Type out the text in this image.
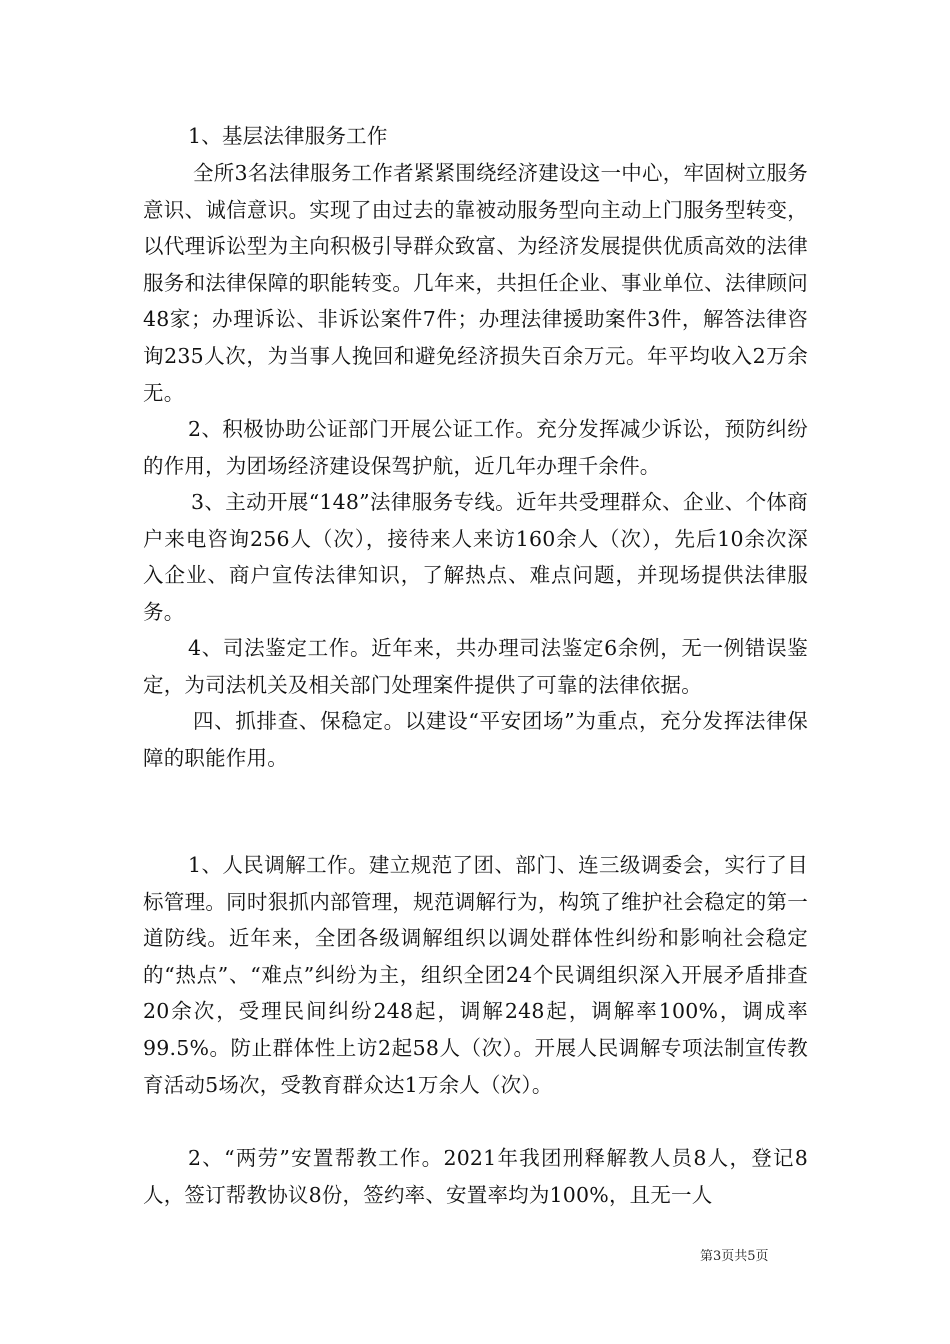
1、基层法律服务工作

全所3名法律服务工作者紧紧围绕经济建设这一中心，牢固树立服务意识、诚信意识。实现了由过去的靠被动服务型向主动上门服务型转变，以代理诉讼型为主向积极引导群众致富、为经济发展提供优质高效的法律服务和法律保障的职能转变。几年来，共担任企业、事业单位、法律顾问48家；办理诉讼、非诉讼案件7件；办理法律援助案件3件，解答法律咨询235人次，为当事人挽回和避免经济损失百余万元。年平均收入2万余无。

2、积极协助公证部门开展公证工作。充分发挥减少诉讼，预防纠纷的作用，为团场经济建设保驾护航，近几年办理千余件。

3、主动开展“148”法律服务专线。近年共受理群众、企业、个体商户来电咨询256人（次），接待来人来访160余人（次），先后10余次深入企业、商户宣传法律知识，了解热点、难点问题，并现场提供法律服务。

4、司法鉴定工作。近年来，共办理司法鉴定6余例，无一例错误鉴定，为司法机关及相关部门处理案件提供了可靠的法律依据。

四、抓排查、保稳定。以建设“平安团场”为重点，充分发挥法律保障的职能作用。

1、人民调解工作。建立规范了团、部门、连三级调委会，实行了目标管理。同时狠抓内部管理，规范调解行为，构筑了维护社会稳定的第一道防线。近年来，全团各级调解组织以调处群体性纠纷和影响社会稳定的“热点”、“难点”纠纷为主，组织全团24个民调组织深入开展矛盾排查20余次，受理民间纠纷248起，调解248起，调解率100%，调成率99.5%。防止群体性上访2起58人（次）。开展人民调解专项法制宣传教育活动5场次，受教育群众达1万余人（次）。

2、“两劳”安置帮教工作。2021年我团刑释解教人员8人，登记8人，签订帮教协议8份，签约率、安置率均为100%，且无一人

第3页共5页
